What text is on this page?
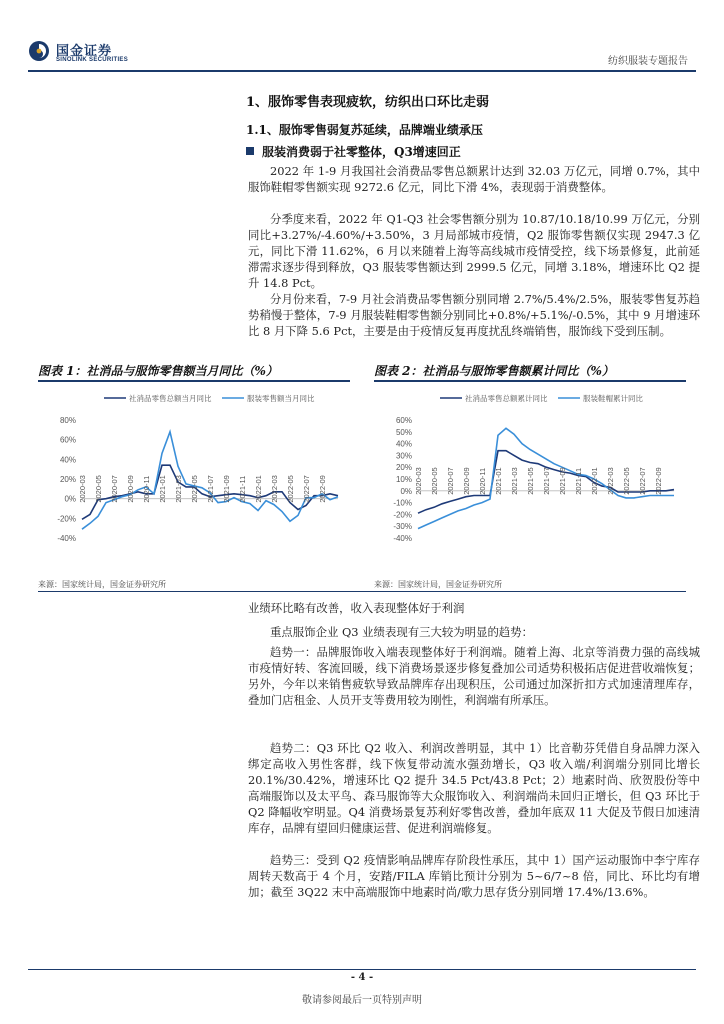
国金证券
SINOLINK SECURITIES	纺织服装专题报告
1、服饰零售表现疲软，纺织出口环比走弱
1.1、服饰零售弱复苏延续，品牌端业绩承压
服装消费弱于社零整体，Q3增速回正

2022 年 1-9 月我国社会消费品零售总额累计达到 32.03 万亿元，同增 0.7%，其中服饰鞋帽零售额实现 9272.6 亿元，同比下滑 4%，表现弱于消费整体。

分季度来看，2022 年 Q1-Q3 社会零售额分别为 10.87/10.18/10.99 万亿元，分别同比+3.27%/-4.60%/+3.50%，3 月局部城市疫情，Q2 服饰零售额仅实现 2947.3 亿元，同比下滑 11.62%，6 月以来随着上海等高线城市疫情受控，线下场景修复，此前延滞需求逐步得到释放，Q3 服装零售额达到 2999.5 亿元，同增 3.18%，增速环比 Q2 提升 14.8 Pct。

分月份来看，7-9 月社会消费品零售额分别同增 2.7%/5.4%/2.5%，服装零售复苏趋势稍慢于整体，7-9 月服装鞋帽零售额分别同比+0.8%/+5.1%/-0.5%，其中 9 月增速环比 8 月下降 5.6 Pct，主要是由于疫情反复再度扰乱终端销售，服饰线下受到压制。

图表 1：社消品与服饰零售额当月同比（%）
社消品零售总额当月同比	服装零售额当月同比
80%
60%
40%
20%
0%
-20%
-40%
2020-03 2020-05 2020-07 2020-09 2020-11 2021-01 2021-03 2021-05 2021-07 2021-09 2021-11 2022-01 2022-03 2022-05 2022-07 2022-09
来源：国家统计局，国金证券研究所
图表 2：社消品与服饰零售额累计同比（%）
社消品零售总额累计同比	服装鞋帽累计同比
60%
50%
40%
30%
20%
10%
0%
-10%
-20%
-30%
-40%
2020-03 2020-05 2020-07 2020-09 2020-11 2021-01 2021-03 2021-05 2021-07 2021-09 2021-11 2022-01 2022-03 2022-05 2022-07 2022-09
来源：国家统计局，国金证券研究所

业绩环比略有改善，收入表现整体好于利润

重点服饰企业 Q3 业绩表现有三大较为明显的趋势：

趋势一：品牌服饰收入端表现整体好于利润端。随着上海、北京等消费力强的高线城市疫情好转、客流回暖，线下消费场景逐步修复叠加公司适势积极拓店促进营收端恢复；另外，今年以来销售疲软导致品牌库存出现积压，公司通过加深折扣方式加速清理库存，叠加门店租金、人员开支等费用较为刚性，利润端有所承压。

趋势二：Q3 环比 Q2 收入、利润改善明显，其中 1）比音勒芬凭借自身品牌力深入绑定高收入男性客群，线下恢复带动流水强劲增长，Q3 收入端/利润端分别同比增长 20.1%/30.42%，增速环比 Q2 提升 34.5 Pct/43.8 Pct；2）地素时尚、欣贺股份等中高端服饰以及太平鸟、森马服饰等大众服饰收入、利润端尚未回归正增长，但 Q3 环比于 Q2 降幅收窄明显。Q4 消费场景复苏利好零售改善，叠加年底双 11 大促及节假日加速清库存，品牌有望回归健康运营、促进利润端修复。

趋势三：受到 Q2 疫情影响品牌库存阶段性承压，其中 1）国产运动服饰中李宁库存周转天数高于 4 个月，安踏/FILA 库销比预计分别为 5~6/7~8 倍，同比、环比均有增加；截至 3Q22 末中高端服饰中地素时尚/歌力思存货分别同增 17.4%/13.6%。

- 4 -
敬请参阅最后一页特别声明
